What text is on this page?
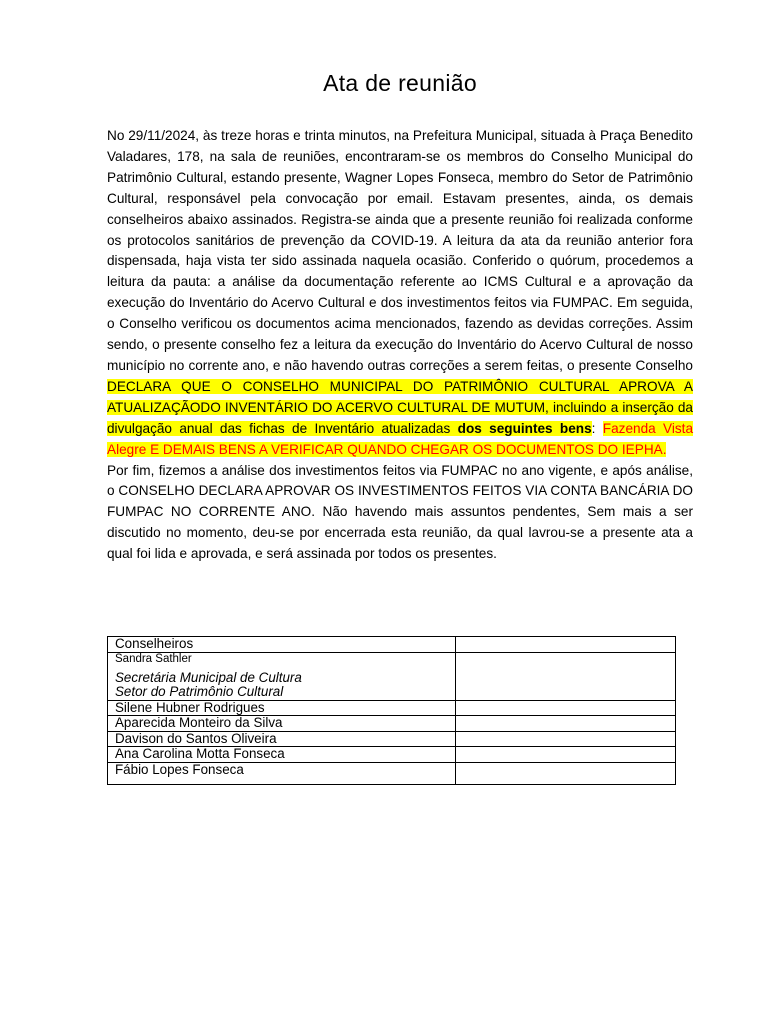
Ata de reunião

No 29/11/2024, às treze horas e trinta minutos, na Prefeitura Municipal, situada à Praça Benedito Valadares, 178, na sala de reuniões, encontraram-se os membros do Conselho Municipal do Patrimônio Cultural, estando presente, Wagner Lopes Fonseca, membro do Setor de Patrimônio Cultural, responsável pela convocação por email. Estavam presentes, ainda, os demais conselheiros abaixo assinados. Registra-se ainda que a presente reunião foi realizada conforme os protocolos sanitários de prevenção da COVID-19. A leitura da ata da reunião anterior fora dispensada, haja vista ter sido assinada naquela ocasião. Conferido o quórum, procedemos a leitura da pauta: a análise da documentação referente ao ICMS Cultural e a aprovação da execução do Inventário do Acervo Cultural e dos investimentos feitos via FUMPAC. Em seguida, o Conselho verificou os documentos acima mencionados, fazendo as devidas correções. Assim sendo, o presente conselho fez a leitura da execução do Inventário do Acervo Cultural de nosso município no corrente ano, e não havendo outras correções a serem feitas, o presente Conselho DECLARA QUE O CONSELHO MUNICIPAL DO PATRIMÔNIO CULTURAL APROVA A ATUALIZAÇÃODO INVENTÁRIO DO ACERVO CULTURAL DE MUTUM, incluindo a inserção da divulgação anual das fichas de Inventário atualizadas dos seguintes bens: Fazenda Vista Alegre E DEMAIS BENS A VERIFICAR QUANDO CHEGAR OS DOCUMENTOS DO IEPHA.

Por fim, fizemos a análise dos investimentos feitos via FUMPAC no ano vigente, e após análise, o CONSELHO DECLARA APROVAR OS INVESTIMENTOS FEITOS VIA CONTA BANCÁRIA DO FUMPAC NO CORRENTE ANO. Não havendo mais assuntos pendentes, Sem mais a ser discutido no momento, deu-se por encerrada esta reunião, da qual lavrou-se a presente ata a qual foi lida e aprovada, e será assinada por todos os presentes.

Conselheiros	

Sandra Sathler
Secretária Municipal de Cultura
Setor do Patrimônio Cultural	

Silene Hubner Rodrigues	
Aparecida Monteiro da Silva	
Davison do Santos Oliveira	
Ana Carolina Motta Fonseca	
Fábio Lopes Fonseca	
